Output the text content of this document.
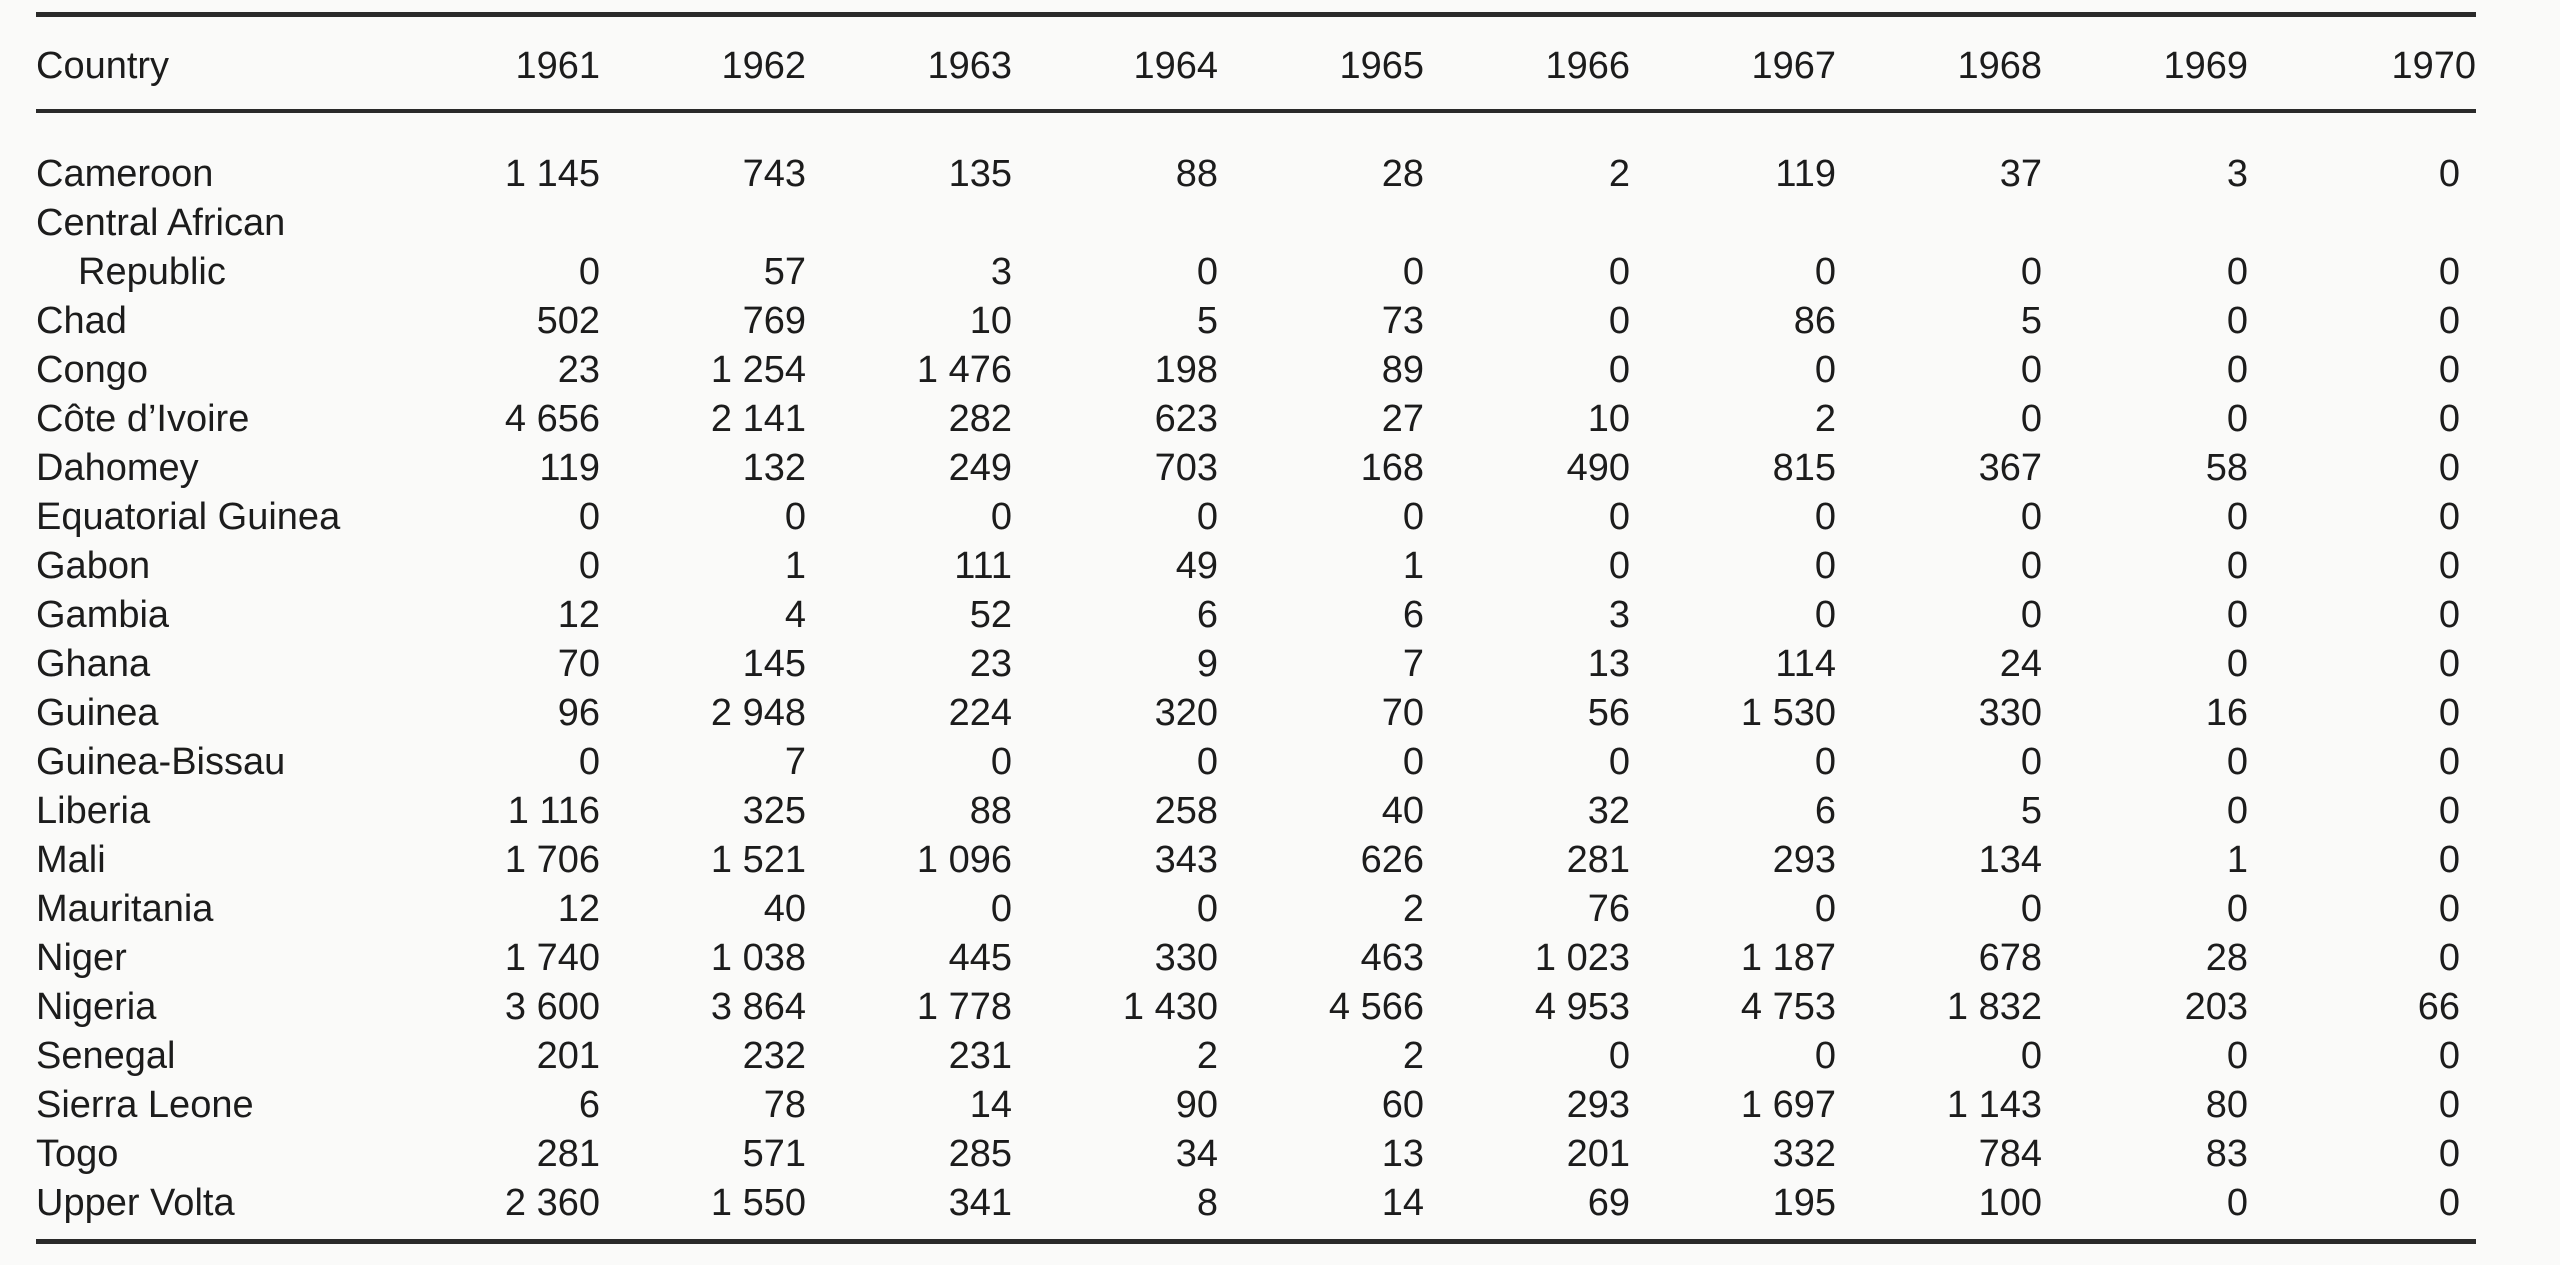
Country	1961	1962	1963	1964	1965	1966	1967	1968	1969	1970
Cameroon	1 145	743	135	88	28	2	119	37	3	0

Central African
Republic	0	57	3	0	0	0	0	0	0	0
Chad	502	769	10	5	73	0	86	5	0	0
Congo	23	1 254	1 476	198	89	0	0	0	0	0
Côte d’Ivoire	4 656	2 141	282	623	27	10	2	0	0	0
Dahomey	119	132	249	703	168	490	815	367	58	0
Equatorial Guinea	0	0	0	0	0	0	0	0	0	0
Gabon	0	1	111	49	1	0	0	0	0	0
Gambia	12	4	52	6	6	3	0	0	0	0
Ghana	70	145	23	9	7	13	114	24	0	0
Guinea	96	2 948	224	320	70	56	1 530	330	16	0
Guinea-Bissau	0	7	0	0	0	0	0	0	0	0
Liberia	1 116	325	88	258	40	32	6	5	0	0
Mali	1 706	1 521	1 096	343	626	281	293	134	1	0
Mauritania	12	40	0	0	2	76	0	0	0	0
Niger	1 740	1 038	445	330	463	1 023	1 187	678	28	0
Nigeria	3 600	3 864	1 778	1 430	4 566	4 953	4 753	1 832	203	66
Senegal	201	232	231	2	2	0	0	0	0	0
Sierra Leone	6	78	14	90	60	293	1 697	1 143	80	0
Togo	281	571	285	34	13	201	332	784	83	0
Upper Volta	2 360	1 550	341	8	14	69	195	100	0	0
